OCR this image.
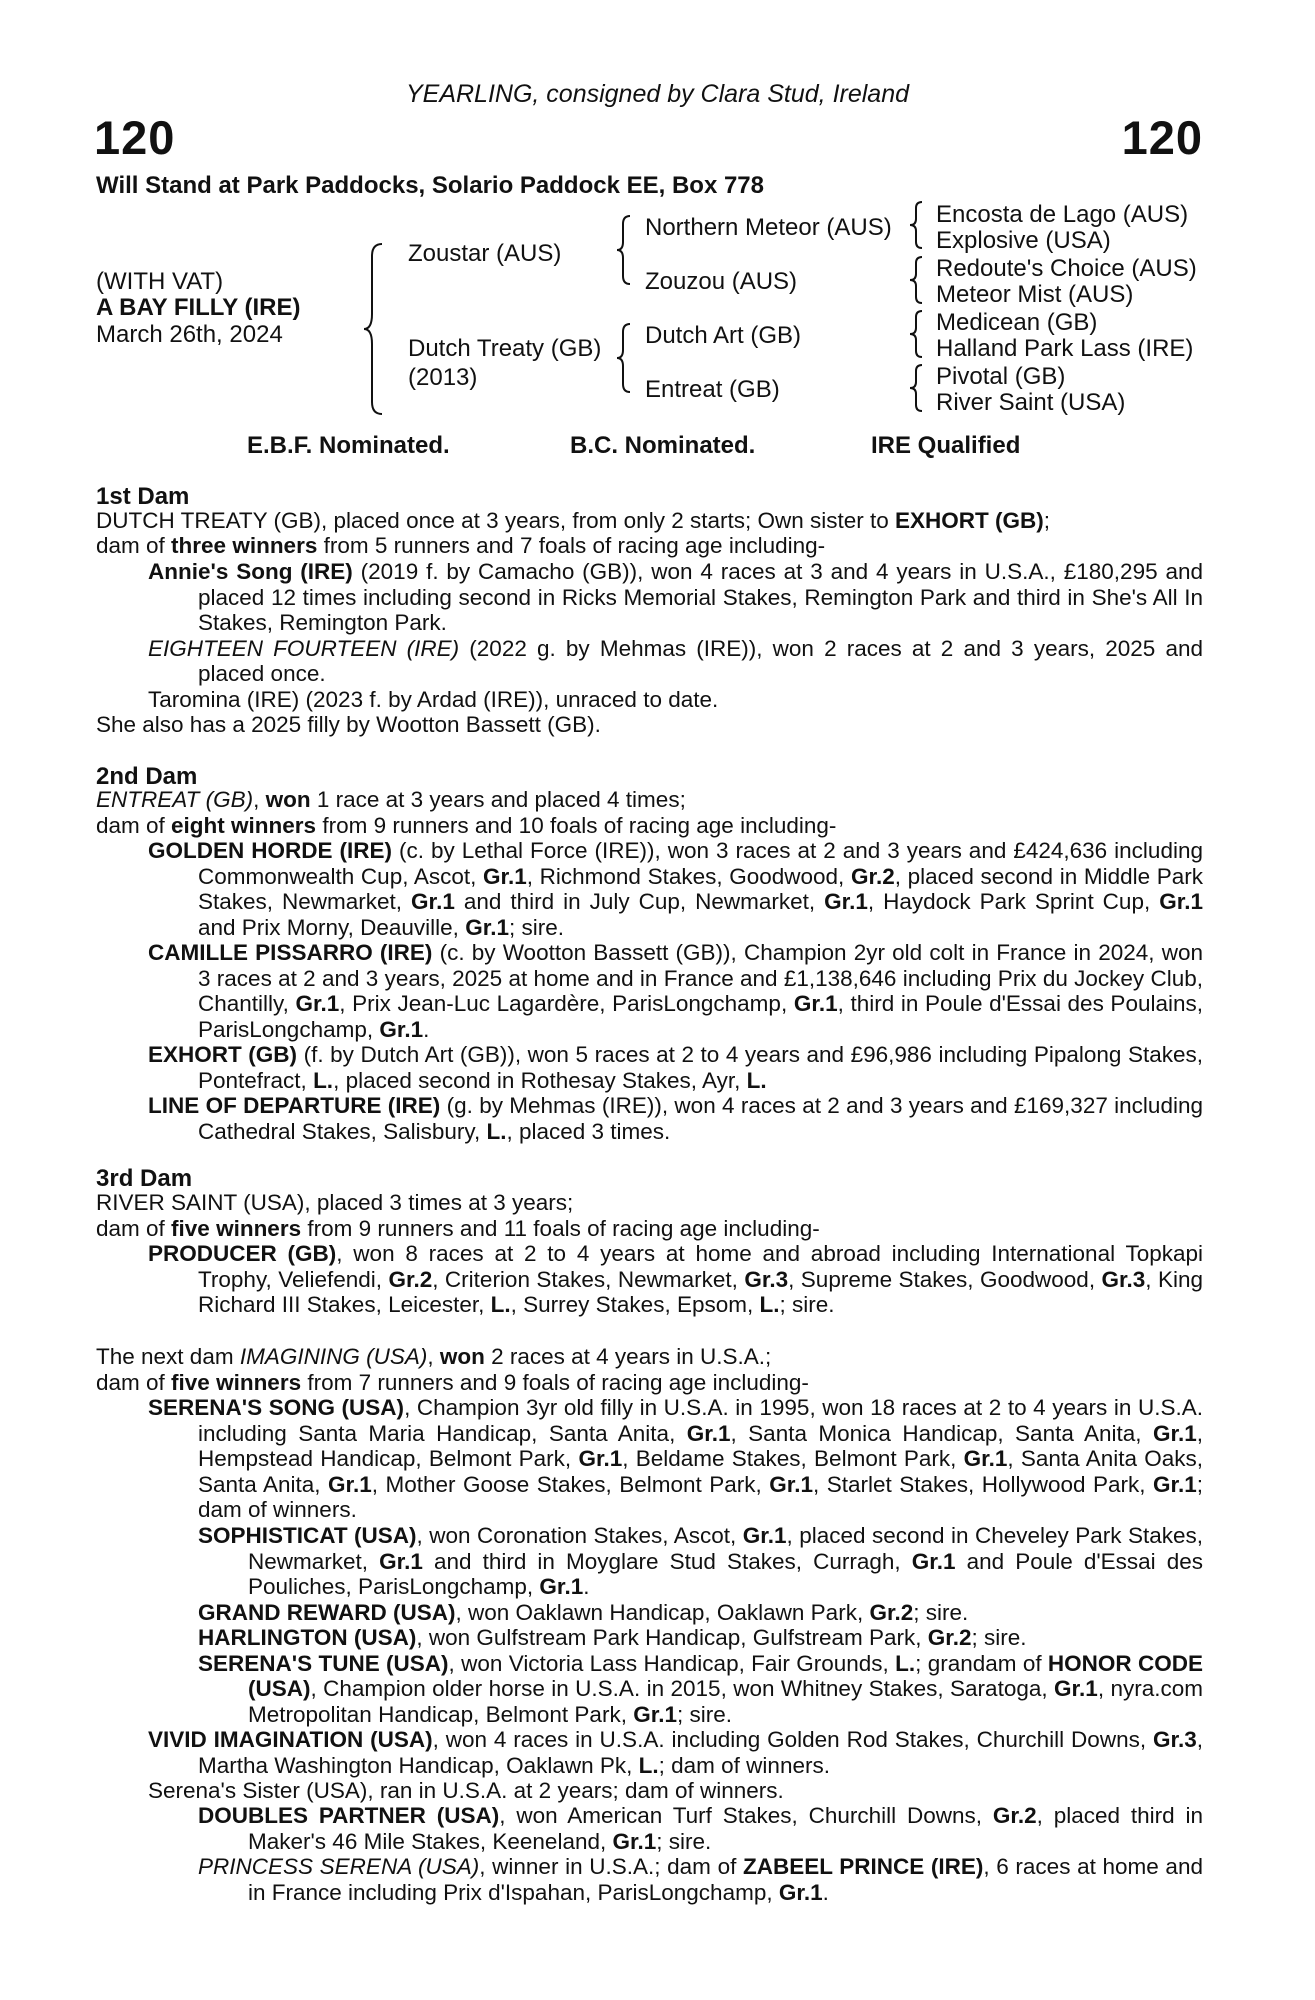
YEARLING, consigned by Clara Stud, Ireland
120	120
Will Stand at Park Paddocks, Solario Paddock EE, Box 778
(WITH VAT)
A BAY FILLY (IRE)
March 26th, 2024
Zoustar (AUS)
Dutch Treaty (GB)
(2013)
Northern Meteor (AUS)
Zouzou (AUS)
Dutch Art (GB)
Entreat (GB)
Encosta de Lago (AUS)
Explosive (USA)
Redoute's Choice (AUS)
Meteor Mist (AUS)
Medicean (GB)
Halland Park Lass (IRE)
Pivotal (GB)
River Saint (USA)
E.B.F. Nominated.	B.C. Nominated.	IRE Qualified
1st Dam
DUTCH TREATY (GB), placed once at 3 years, from only 2 starts; Own sister to EXHORT (GB);
dam of three winners from 5 runners and 7 foals of racing age including-

Annie's Song (IRE) (2019 f. by Camacho (GB)), won 4 races at 3 and 4 years in U.S.A., £180,295 and placed 12 times including second in Ricks Memorial Stakes, Remington Park and third in She's All In Stakes, Remington Park.

EIGHTEEN FOURTEEN (IRE) (2022 g. by Mehmas (IRE)), won 2 races at 2 and 3 years, 2025 and placed once.

Taromina (IRE) (2023 f. by Ardad (IRE)), unraced to date.

She also has a 2025 filly by Wootton Bassett (GB).
2nd Dam
ENTREAT (GB), won 1 race at 3 years and placed 4 times;
dam of eight winners from 9 runners and 10 foals of racing age including-

GOLDEN HORDE (IRE) (c. by Lethal Force (IRE)), won 3 races at 2 and 3 years and £424,636 including Commonwealth Cup, Ascot, Gr.1, Richmond Stakes, Goodwood, Gr.2, placed second in Middle Park Stakes, Newmarket, Gr.1 and third in July Cup, Newmarket, Gr.1, Haydock Park Sprint Cup, Gr.1 and Prix Morny, Deauville, Gr.1; sire.

CAMILLE PISSARRO (IRE) (c. by Wootton Bassett (GB)), Champion 2yr old colt in France in 2024, won 3 races at 2 and 3 years, 2025 at home and in France and £1,138,646 including Prix du Jockey Club, Chantilly, Gr.1, Prix Jean-Luc Lagardère, ParisLongchamp, Gr.1, third in Poule d'Essai des Poulains, ParisLongchamp, Gr.1.

EXHORT (GB) (f. by Dutch Art (GB)), won 5 races at 2 to 4 years and £96,986 including Pipalong Stakes, Pontefract, L., placed second in Rothesay Stakes, Ayr, L.

LINE OF DEPARTURE (IRE) (g. by Mehmas (IRE)), won 4 races at 2 and 3 years and £169,327 including Cathedral Stakes, Salisbury, L., placed 3 times.

3rd Dam
RIVER SAINT (USA), placed 3 times at 3 years;
dam of five winners from 9 runners and 11 foals of racing age including-

PRODUCER (GB), won 8 races at 2 to 4 years at home and abroad including International Topkapi Trophy, Veliefendi, Gr.2, Criterion Stakes, Newmarket, Gr.3, Supreme Stakes, Goodwood, Gr.3, King Richard III Stakes, Leicester, L., Surrey Stakes, Epsom, L.; sire.

The next dam IMAGINING (USA), won 2 races at 4 years in U.S.A.;
dam of five winners from 7 runners and 9 foals of racing age including-

SERENA'S SONG (USA), Champion 3yr old filly in U.S.A. in 1995, won 18 races at 2 to 4 years in U.S.A. including Santa Maria Handicap, Santa Anita, Gr.1, Santa Monica Handicap, Santa Anita, Gr.1, Hempstead Handicap, Belmont Park, Gr.1, Beldame Stakes, Belmont Park, Gr.1, Santa Anita Oaks, Santa Anita, Gr.1, Mother Goose Stakes, Belmont Park, Gr.1, Starlet Stakes, Hollywood Park, Gr.1; dam of winners.

SOPHISTICAT (USA), won Coronation Stakes, Ascot, Gr.1, placed second in Cheveley Park Stakes, Newmarket, Gr.1 and third in Moyglare Stud Stakes, Curragh, Gr.1 and Poule d'Essai des Pouliches, ParisLongchamp, Gr.1.

GRAND REWARD (USA), won Oaklawn Handicap, Oaklawn Park, Gr.2; sire.

HARLINGTON (USA), won Gulfstream Park Handicap, Gulfstream Park, Gr.2; sire.

SERENA'S TUNE (USA), won Victoria Lass Handicap, Fair Grounds, L.; grandam of HONOR CODE (USA), Champion older horse in U.S.A. in 2015, won Whitney Stakes, Saratoga, Gr.1, nyra.com Metropolitan Handicap, Belmont Park, Gr.1; sire.

VIVID IMAGINATION (USA), won 4 races in U.S.A. including Golden Rod Stakes, Churchill Downs, Gr.3, Martha Washington Handicap, Oaklawn Pk, L.; dam of winners.

Serena's Sister (USA), ran in U.S.A. at 2 years; dam of winners.

DOUBLES PARTNER (USA), won American Turf Stakes, Churchill Downs, Gr.2, placed third in Maker's 46 Mile Stakes, Keeneland, Gr.1; sire.

PRINCESS SERENA (USA), winner in U.S.A.; dam of ZABEEL PRINCE (IRE), 6 races at home and in France including Prix d'Ispahan, ParisLongchamp, Gr.1.
